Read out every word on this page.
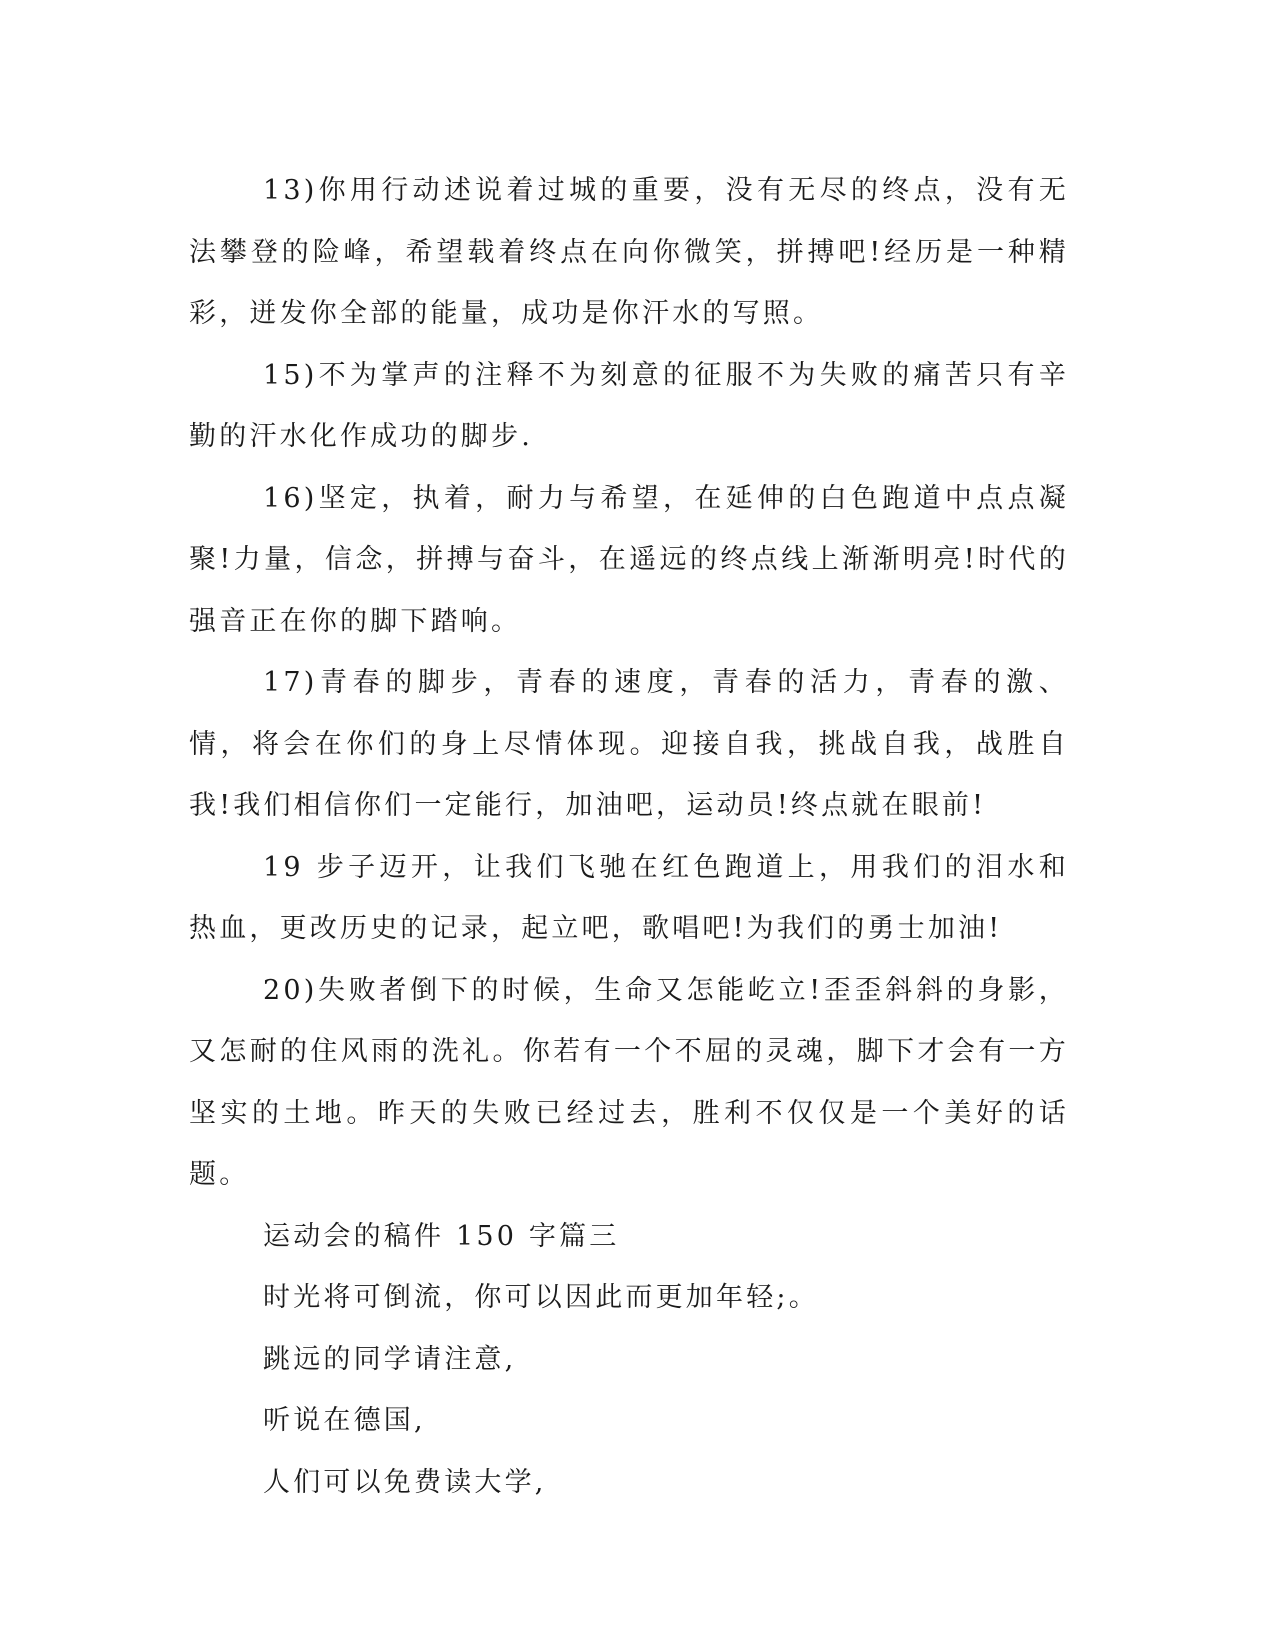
13)你用行动述说着过城的重要，没有无尽的终点，没有无法攀登的险峰，希望载着终点在向你微笑，拼搏吧!经历是一种精彩，迸发你全部的能量，成功是你汗水的写照。

15)不为掌声的注释不为刻意的征服不为失败的痛苦只有辛勤的汗水化作成功的脚步.

16)坚定，执着，耐力与希望，在延伸的白色跑道中点点凝聚!力量，信念，拼搏与奋斗，在遥远的终点线上渐渐明亮!时代的强音正在你的脚下踏响。

17)青春的脚步，青春的速度，青春的活力，青春的激、情，将会在你们的身上尽情体现。迎接自我，挑战自我，战胜自我!我们相信你们一定能行，加油吧，运动员!终点就在眼前!

19 步子迈开，让我们飞驰在红色跑道上，用我们的泪水和热血，更改历史的记录，起立吧，歌唱吧!为我们的勇士加油!

20)失败者倒下的时候，生命又怎能屹立!歪歪斜斜的身影，又怎耐的住风雨的洗礼。你若有一个不屈的灵魂，脚下才会有一方坚实的土地。昨天的失败已经过去，胜利不仅仅是一个美好的话题。

运动会的稿件 150 字篇三

时光将可倒流，你可以因此而更加年轻;。

跳远的同学请注意,

听说在德国,

人们可以免费读大学,
